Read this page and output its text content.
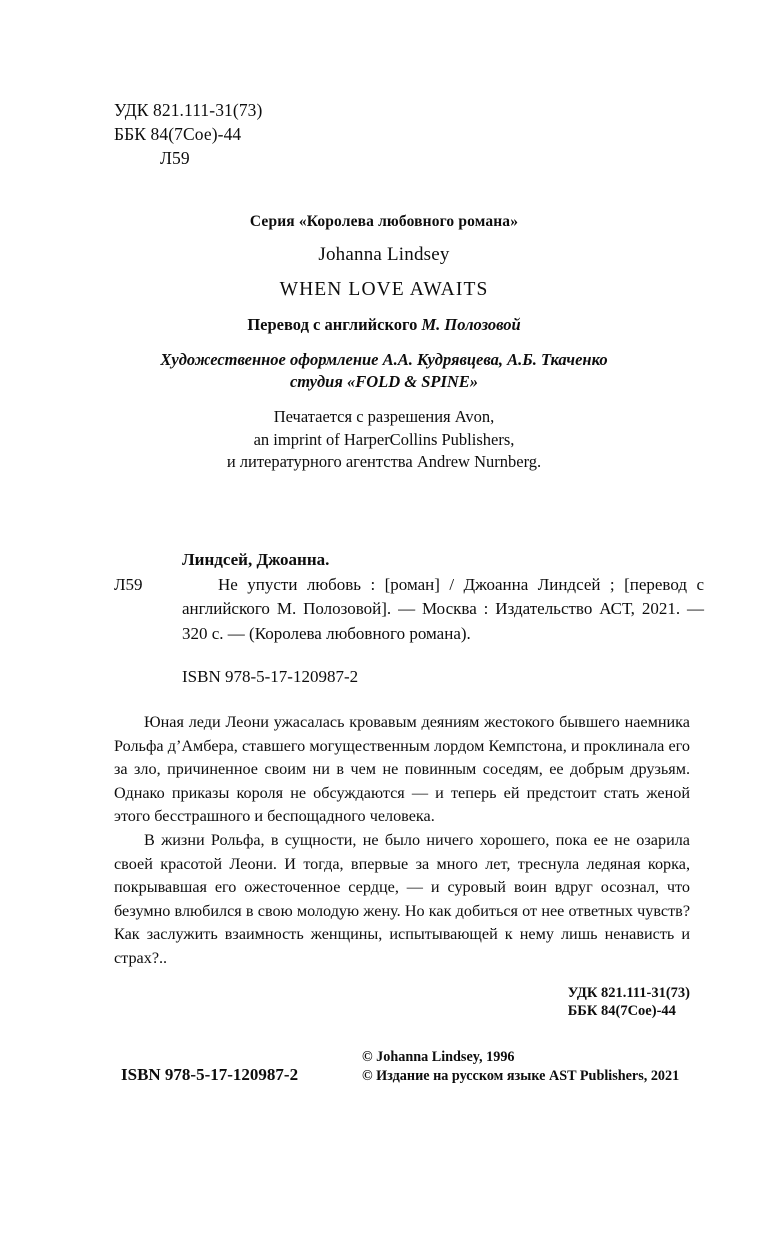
УДК 821.111-31(73)
ББК 84(7Сое)-44
Л59
Серия «Королева любовного романа»
Johanna Lindsey
WHEN LOVE AWAITS
Перевод с английского М. Полозовой
Художественное оформление А.А. Кудрявцева, А.Б. Ткаченко
студия «FOLD & SPINE»
Печатается с разрешения Avon,
an imprint of HarperCollins Publishers,
и литературного агентства Andrew Nurnberg.
Линдсей, Джоанна.
Л59	Не упусти любовь : [роман] / Джоанна Линдсей ; [перевод с английского М. Полозовой]. — Москва : Издательство АСТ, 2021. — 320 с. — (Королева любовного романа).

ISBN 978-5-17-120987-2

Юная леди Леони ужасалась кровавым деяниям жестокого бывшего наемника Рольфа д’Амбера, ставшего могущественным лордом Кемпстона, и проклинала его за зло, причиненное своим ни в чем не повинным соседям, ее добрым друзьям. Однако приказы короля не обсуждаются — и теперь ей предстоит стать женой этого бесстрашного и беспощадного человека.

В жизни Рольфа, в сущности, не было ничего хорошего, пока ее не озарила своей красотой Леони. И тогда, впервые за много лет, треснула ледяная корка, покрывавшая его ожесточенное сердце, — и суровый воин вдруг осознал, что безумно влюбился в свою молодую жену. Но как добиться от нее ответных чувств? Как заслужить взаимность женщины, испытывающей к нему лишь ненависть и страх?..

УДК 821.111-31(73)
ББК 84(7Сое)-44
ISBN 978-5-17-120987-2
© Johanna Lindsey, 1996
© Издание на русском языке AST Publishers, 2021
